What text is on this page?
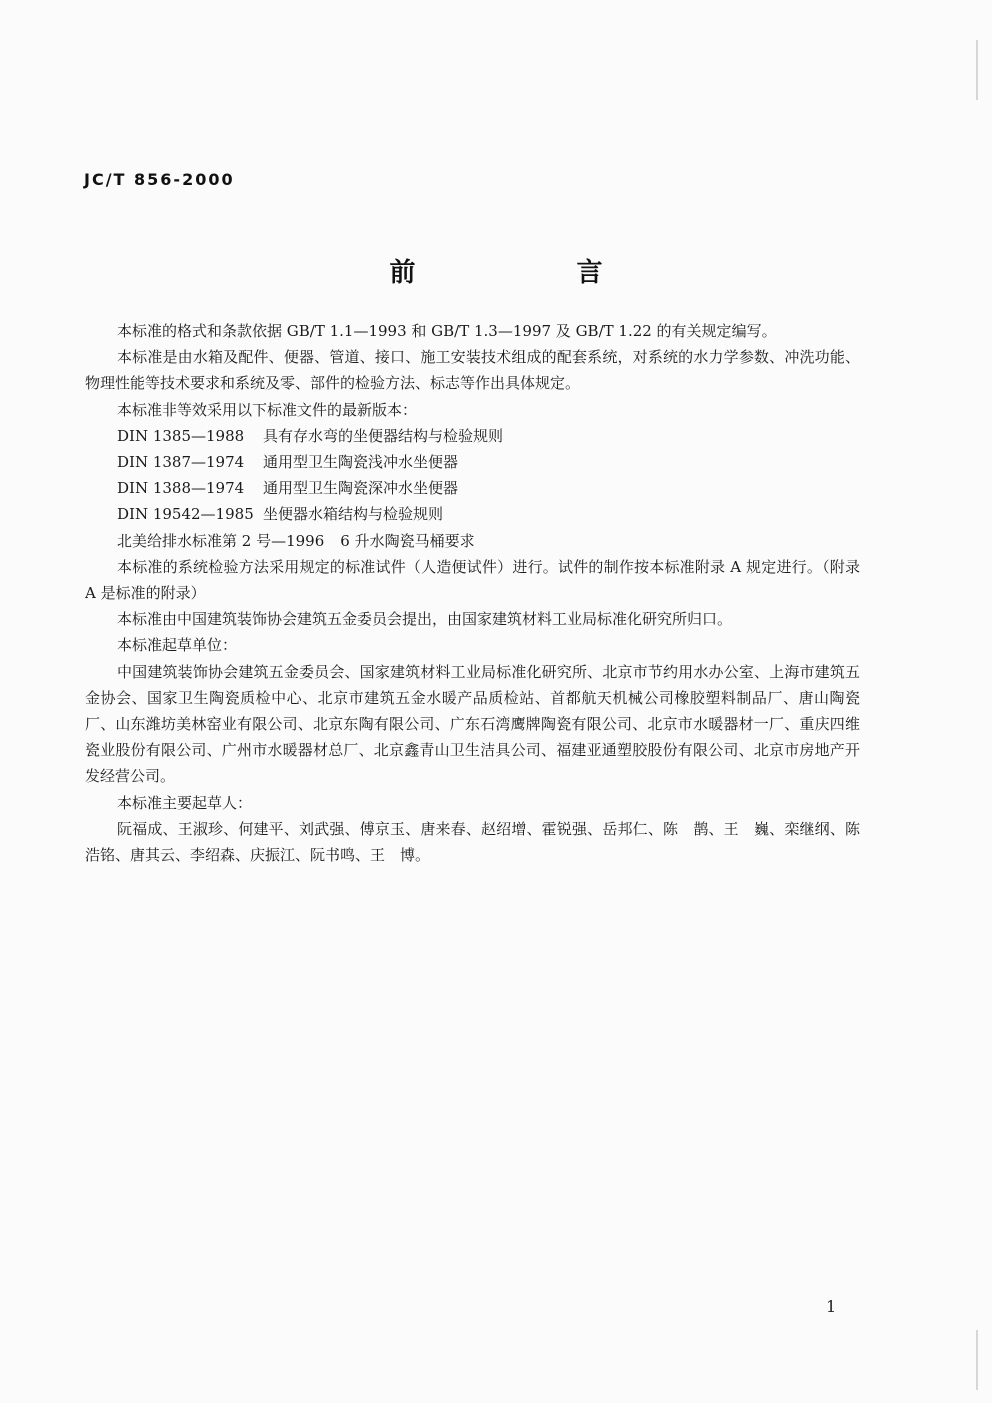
JC/T 856-2000
前 言

本标准的格式和条款依据 GB/T 1.1—1993 和 GB/T 1.3—1997 及 GB/T 1.22 的有关规定编写。

本标准是由水箱及配件、便器、管道、接口、施工安装技术组成的配套系统，对系统的水力学参数、冲洗功能、物理性能等技术要求和系统及零、部件的检验方法、标志等作出具体规定。

本标准非等效采用以下标准文件的最新版本：

DIN 1385—1988 具有存水弯的坐便器结构与检验规则

DIN 1387—1974 通用型卫生陶瓷浅冲水坐便器

DIN 1388—1974 通用型卫生陶瓷深冲水坐便器

DIN 19542—1985 坐便器水箱结构与检验规则

北美给排水标准第 2 号—1996 6 升水陶瓷马桶要求

本标准的系统检验方法采用规定的标准试件（人造便试件）进行。试件的制作按本标准附录 A 规定进行。（附录 A 是标准的附录）

本标准由中国建筑装饰协会建筑五金委员会提出，由国家建筑材料工业局标准化研究所归口。

本标准起草单位：

中国建筑装饰协会建筑五金委员会、国家建筑材料工业局标准化研究所、北京市节约用水办公室、上海市建筑五金协会、国家卫生陶瓷质检中心、北京市建筑五金水暖产品质检站、首都航天机械公司橡胶塑料制品厂、唐山陶瓷厂、山东潍坊美林窑业有限公司、北京东陶有限公司、广东石湾鹰牌陶瓷有限公司、北京市水暖器材一厂、重庆四维瓷业股份有限公司、广州市水暖器材总厂、北京鑫青山卫生洁具公司、福建亚通塑胶股份有限公司、北京市房地产开发经营公司。

本标准主要起草人：

阮福成、王淑珍、何建平、刘武强、傅京玉、唐来春、赵绍增、霍锐强、岳邦仁、陈　鹊、王　巍、栾继纲、陈浩铭、唐其云、李绍森、庆振江、阮书鸣、王　博。

1
